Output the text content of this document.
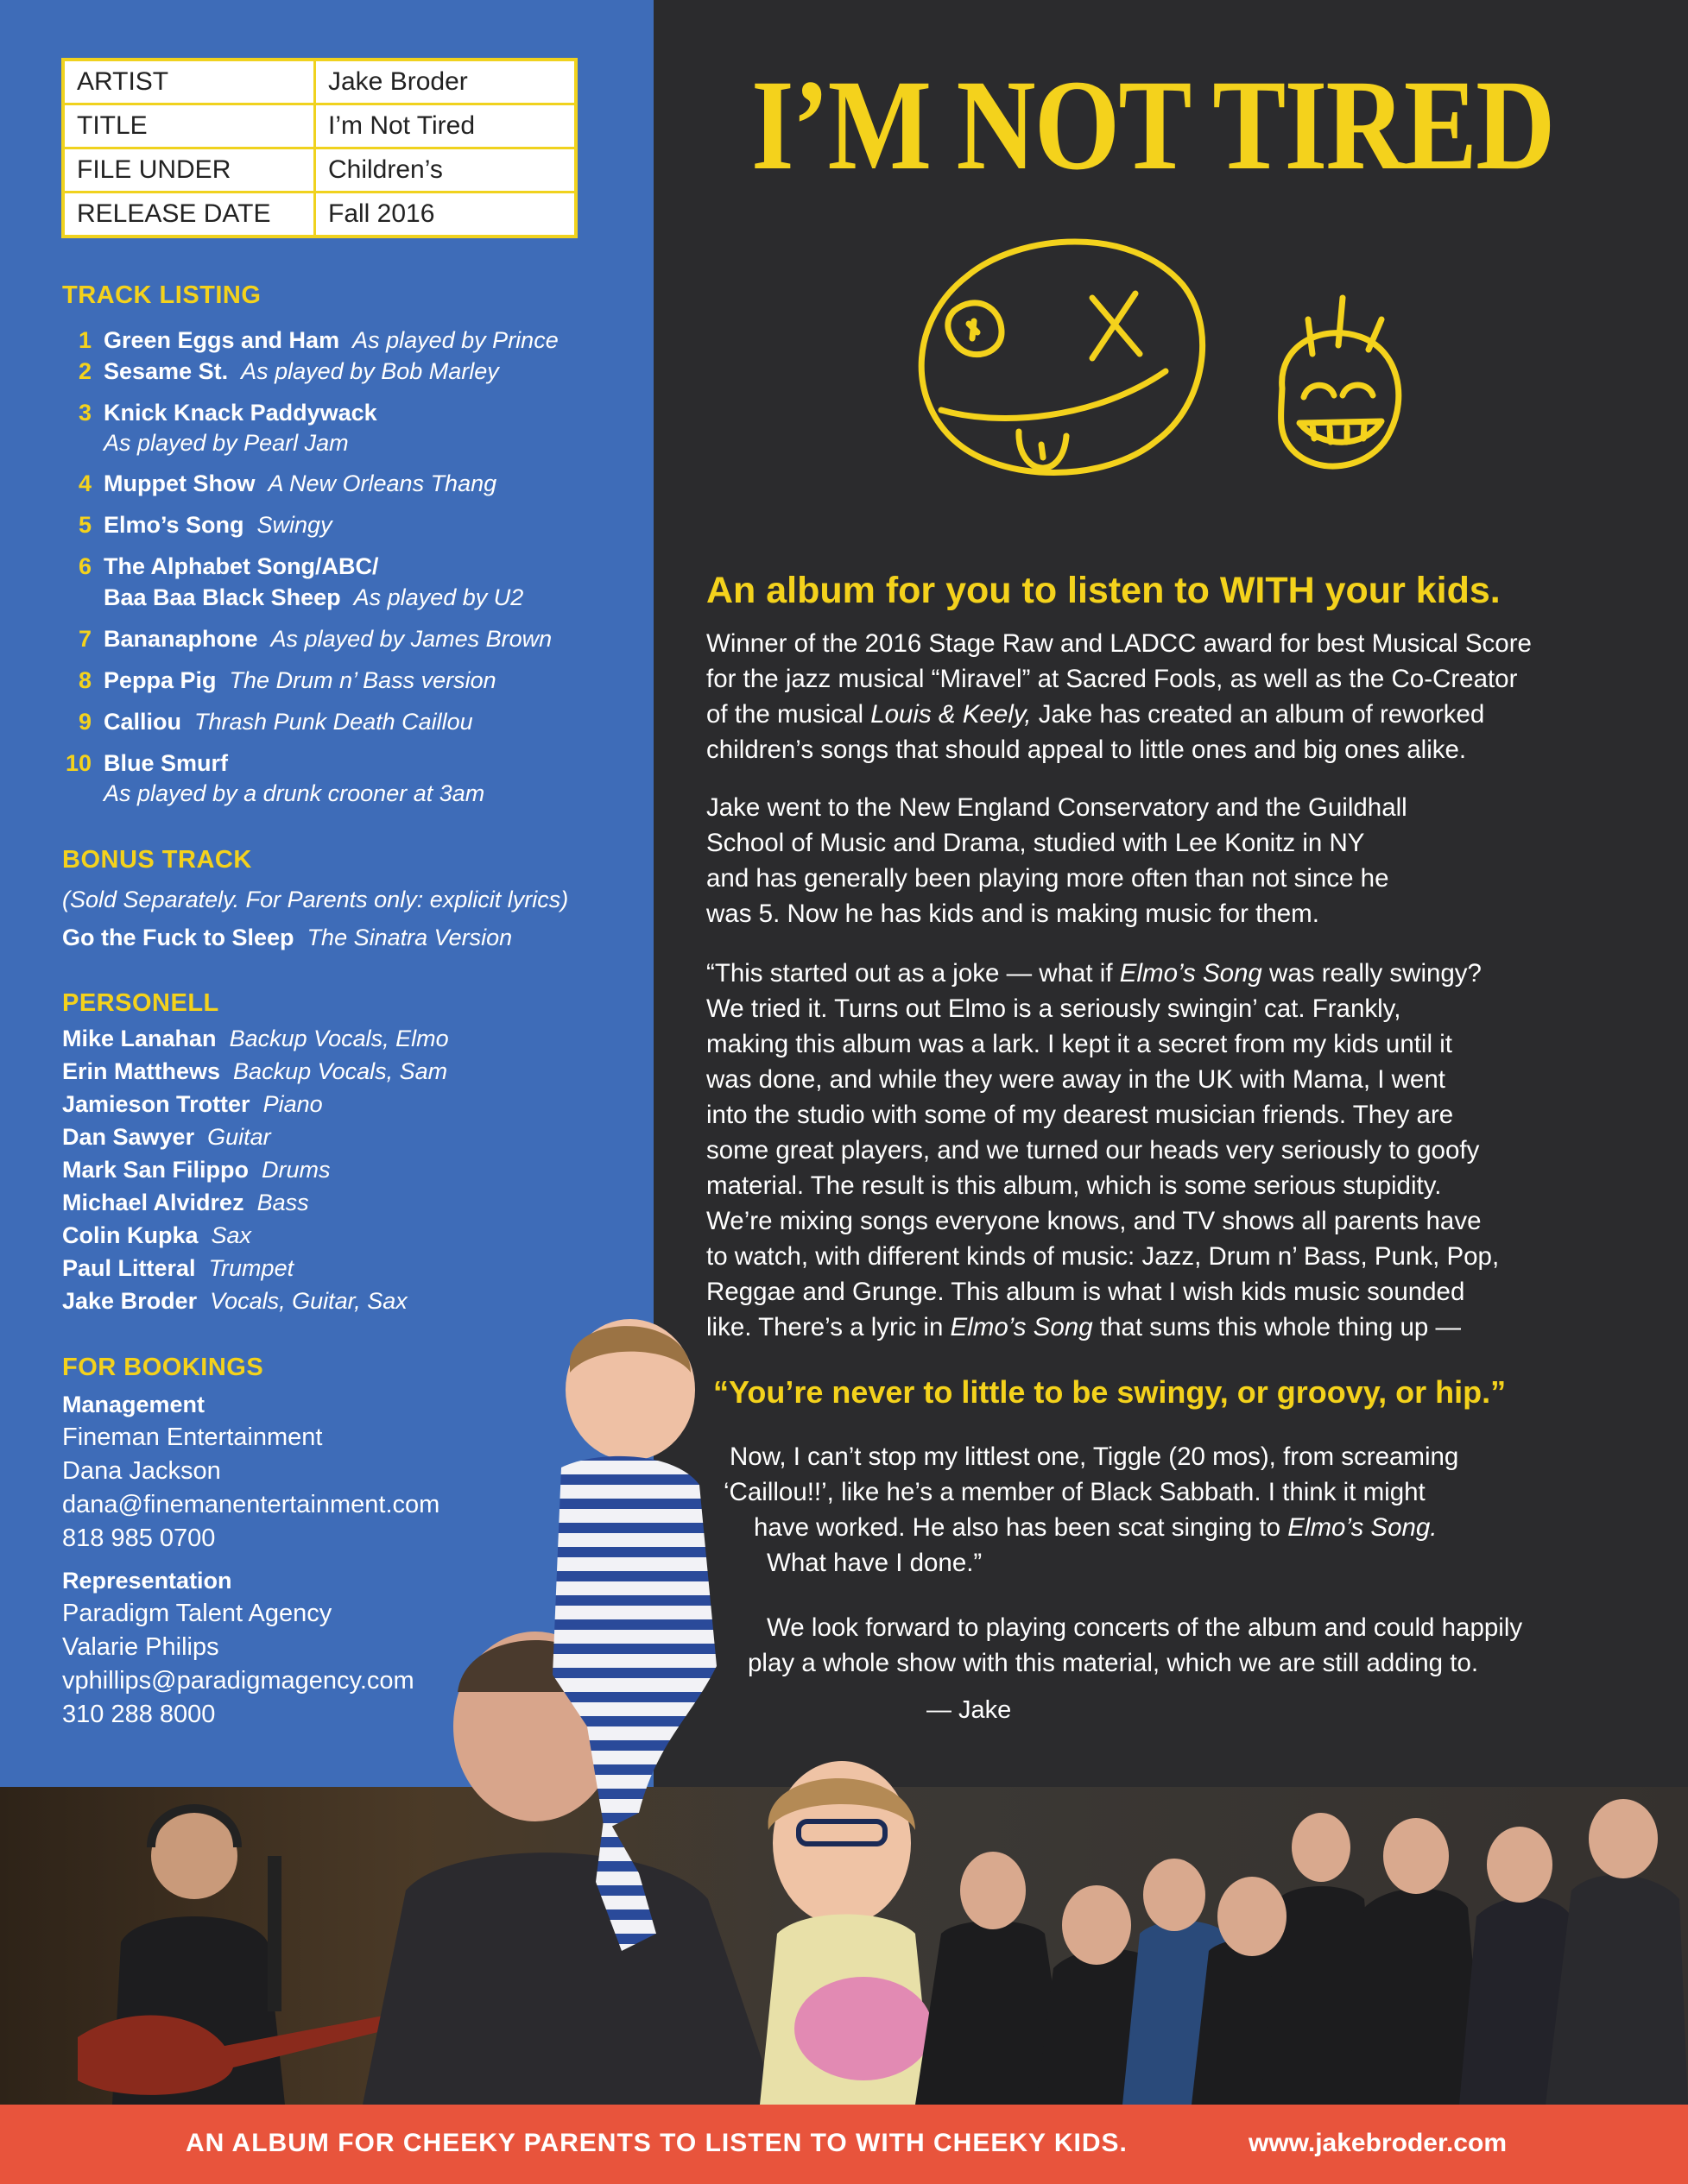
ARTIST	Jake Broder
TITLE	I’m Not Tired
FILE UNDER	Children’s
RELEASE DATE	Fall 2016
TRACK LISTING
1 Green Eggs and Ham As played by Prince
2 Sesame St. As played by Bob Marley
3 Knick Knack Paddywack
As played by Pearl Jam
4 Muppet Show A New Orleans Thang
5 Elmo’s Song Swingy
6 The Alphabet Song/ABC/
Baa Baa Black Sheep As played by U2
7 Bananaphone As played by James Brown
8 Peppa Pig The Drum n’ Bass version
9 Calliou Thrash Punk Death Caillou
10 Blue Smurf
As played by a drunk crooner at 3am
BONUS TRACK
(Sold Separately. For Parents only: explicit lyrics)
Go the Fuck to Sleep The Sinatra Version
PERSONELL
Mike Lanahan Backup Vocals, Elmo
Erin Matthews Backup Vocals, Sam
Jamieson Trotter Piano
Dan Sawyer Guitar
Mark San Filippo Drums
Michael Alvidrez Bass
Colin Kupka Sax
Paul Litteral Trumpet
Jake Broder Vocals, Guitar, Sax
FOR BOOKINGS
Management
Fineman Entertainment
Dana Jackson
dana@finemanentertainment.com
818 985 0700
Representation
Paradigm Talent Agency
Valarie Philips
vphillips@paradigmagency.com
310 288 8000
I’M NOT TIRED
An album for you to listen to WITH your kids.
Winner of the 2016 Stage Raw and LADCC award for best Musical Score
for the jazz musical “Miravel” at Sacred Fools, as well as the Co-Creator
of the musical Louis & Keely, Jake has created an album of reworked
children’s songs that should appeal to little ones and big ones alike.
Jake went to the New England Conservatory and the Guildhall
School of Music and Drama, studied with Lee Konitz in NY
and has generally been playing more often than not since he
was 5. Now he has kids and is making music for them.
“This started out as a joke — what if Elmo’s Song was really swingy?
We tried it. Turns out Elmo is a seriously swingin’ cat. Frankly,
making this album was a lark. I kept it a secret from my kids until it
was done, and while they were away in the UK with Mama, I went
into the studio with some of my dearest musician friends. They are
some great players, and we turned our heads very seriously to goofy
material. The result is this album, which is some serious stupidity.
We’re mixing songs everyone knows, and TV shows all parents have
to watch, with different kinds of music: Jazz, Drum n’ Bass, Punk, Pop,
Reggae and Grunge. This album is what I wish kids music sounded
like. There’s a lyric in Elmo’s Song that sums this whole thing up —
“You’re never to little to be swingy, or groovy, or hip.”
Now, I can’t stop my littlest one, Tiggle (20 mos), from screaming
‘Caillou!!’, like he’s a member of Black Sabbath. I think it might
have worked. He also has been scat singing to Elmo’s Song.
What have I done.”
We look forward to playing concerts of the album and could happily
play a whole show with this material, which we are still adding to.
— Jake
AN ALBUM FOR CHEEKY PARENTS TO LISTEN TO WITH CHEEKY KIDS.	www.jakebroder.com
